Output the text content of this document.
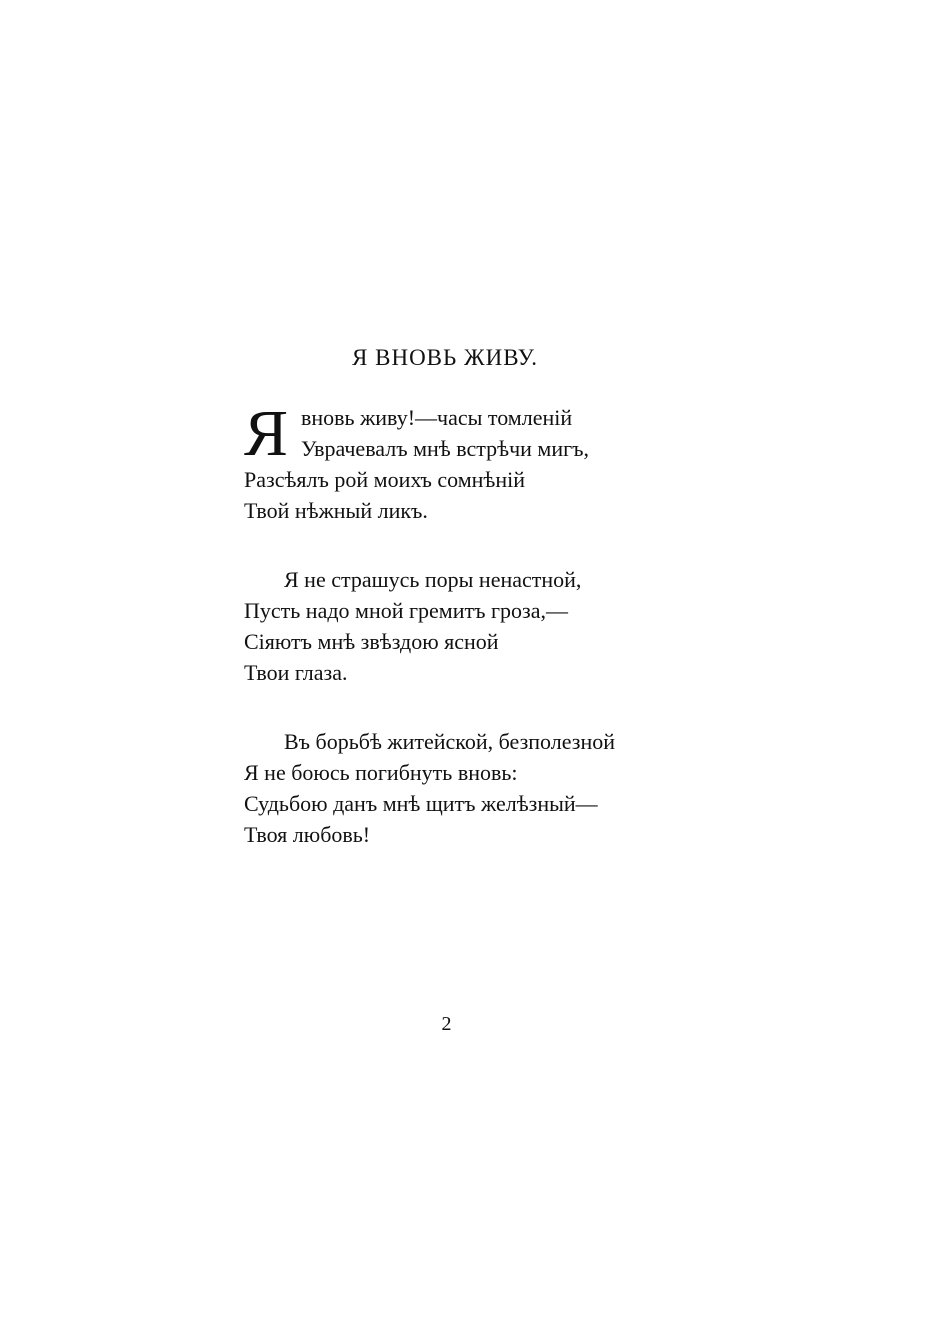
Я ВНОВЬ ЖИВУ.
Я вновь живу!—часы томленій
Уврачевалъ мнѣ встрѣчи мигъ,
Разсѣялъ рой моихъ сомнѣній
Твой нѣжный ликъ.
Я не страшусь поры ненастной,
Пусть надо мной гремитъ гроза,—
Сіяютъ мнѣ звѣздою ясной
Твои глаза.
Въ борьбѣ житейской, безполезной
Я не боюсь погибнуть вновь:
Судьбою данъ мнѣ щитъ желѣзный—
Твоя любовь!
2
